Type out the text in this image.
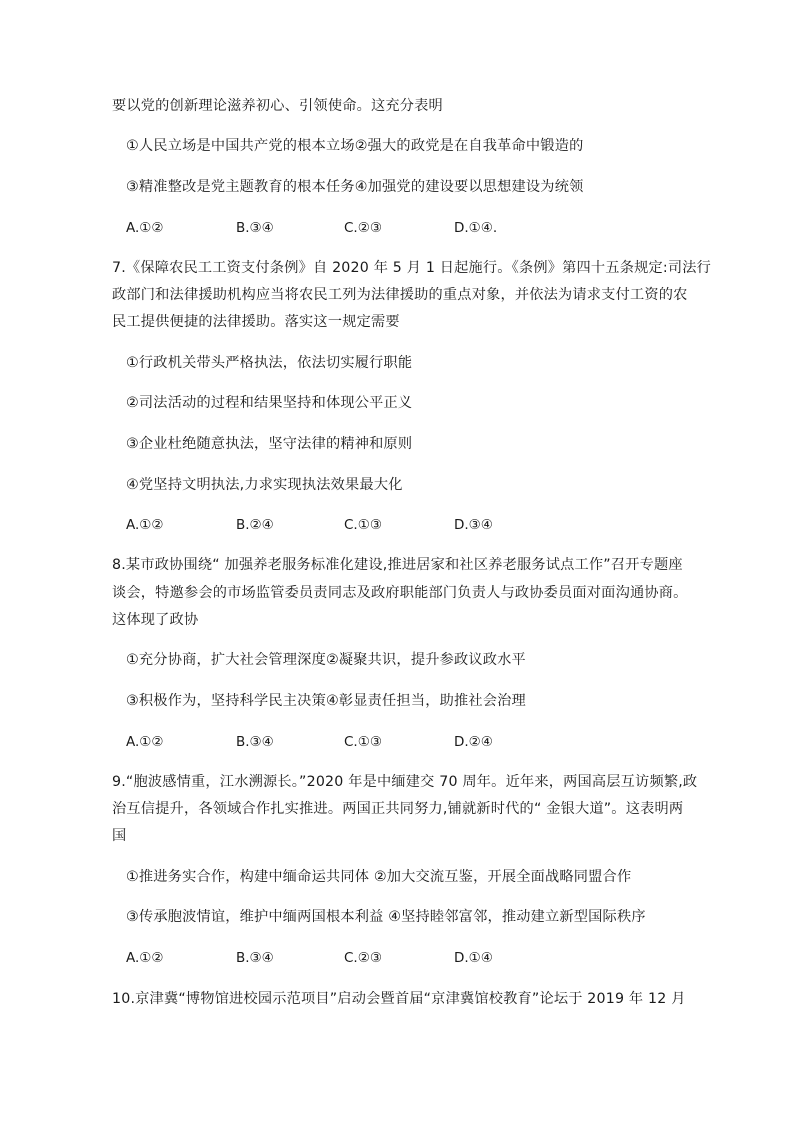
要以党的创新理论滋养初心、引领使命。这充分表明
①人民立场是中国共产党的根本立场②强大的政党是在自我革命中锻造的
③精准整改是党主题教育的根本任务④加强党的建设要以思想建设为统领
A.①②	B.③④	C.②③	D.①④.
7.《保障农民工工资支付条例》自 2020 年 5 月 1 日起施行。《条例》第四十五条规定:司法行
政部门和法律援助机构应当将农民工列为法律援助的重点对象，并依法为请求支付工资的农
民工提供便捷的法律援助。落实这一规定需要
①行政机关带头严格执法，依法切实履行职能
②司法活动的过程和结果坚持和体现公平正义
③企业杜绝随意执法，坚守法律的精神和原则
④党坚持文明执法,力求实现执法效果最大化
A.①②	B.②④	C.①③	D.③④
8.某市政协围绕“ 加强养老服务标准化建设,推进居家和社区养老服务试点工作”召开专题座
谈会，特邀参会的市场监管委员责同志及政府职能部门负责人与政协委员面对面沟通协商。
这体现了政协
①充分协商，扩大社会管理深度②凝聚共识，提升参政议政水平
③积极作为，坚持科学民主决策④彰显责任担当，助推社会治理
A.①②	B.③④	C.①③	D.②④
9.“胞波感情重，江水溯源长。”2020 年是中缅建交 70 周年。近年来，两国高层互访频繁,政
治互信提升，各领域合作扎实推进。两国正共同努力,铺就新时代的“ 金银大道”。这表明两
国
①推进务实合作，构建中缅命运共同体 ②加大交流互鉴，开展全面战略同盟合作
③传承胞波情谊，维护中缅两国根本利益 ④坚持睦邻富邻，推动建立新型国际秩序
A.①②	B.③④	C.②③	D.①④
10.京津冀“博物馆进校园示范项目”启动会暨首届“京津冀馆校教育”论坛于 2019 年 12 月
